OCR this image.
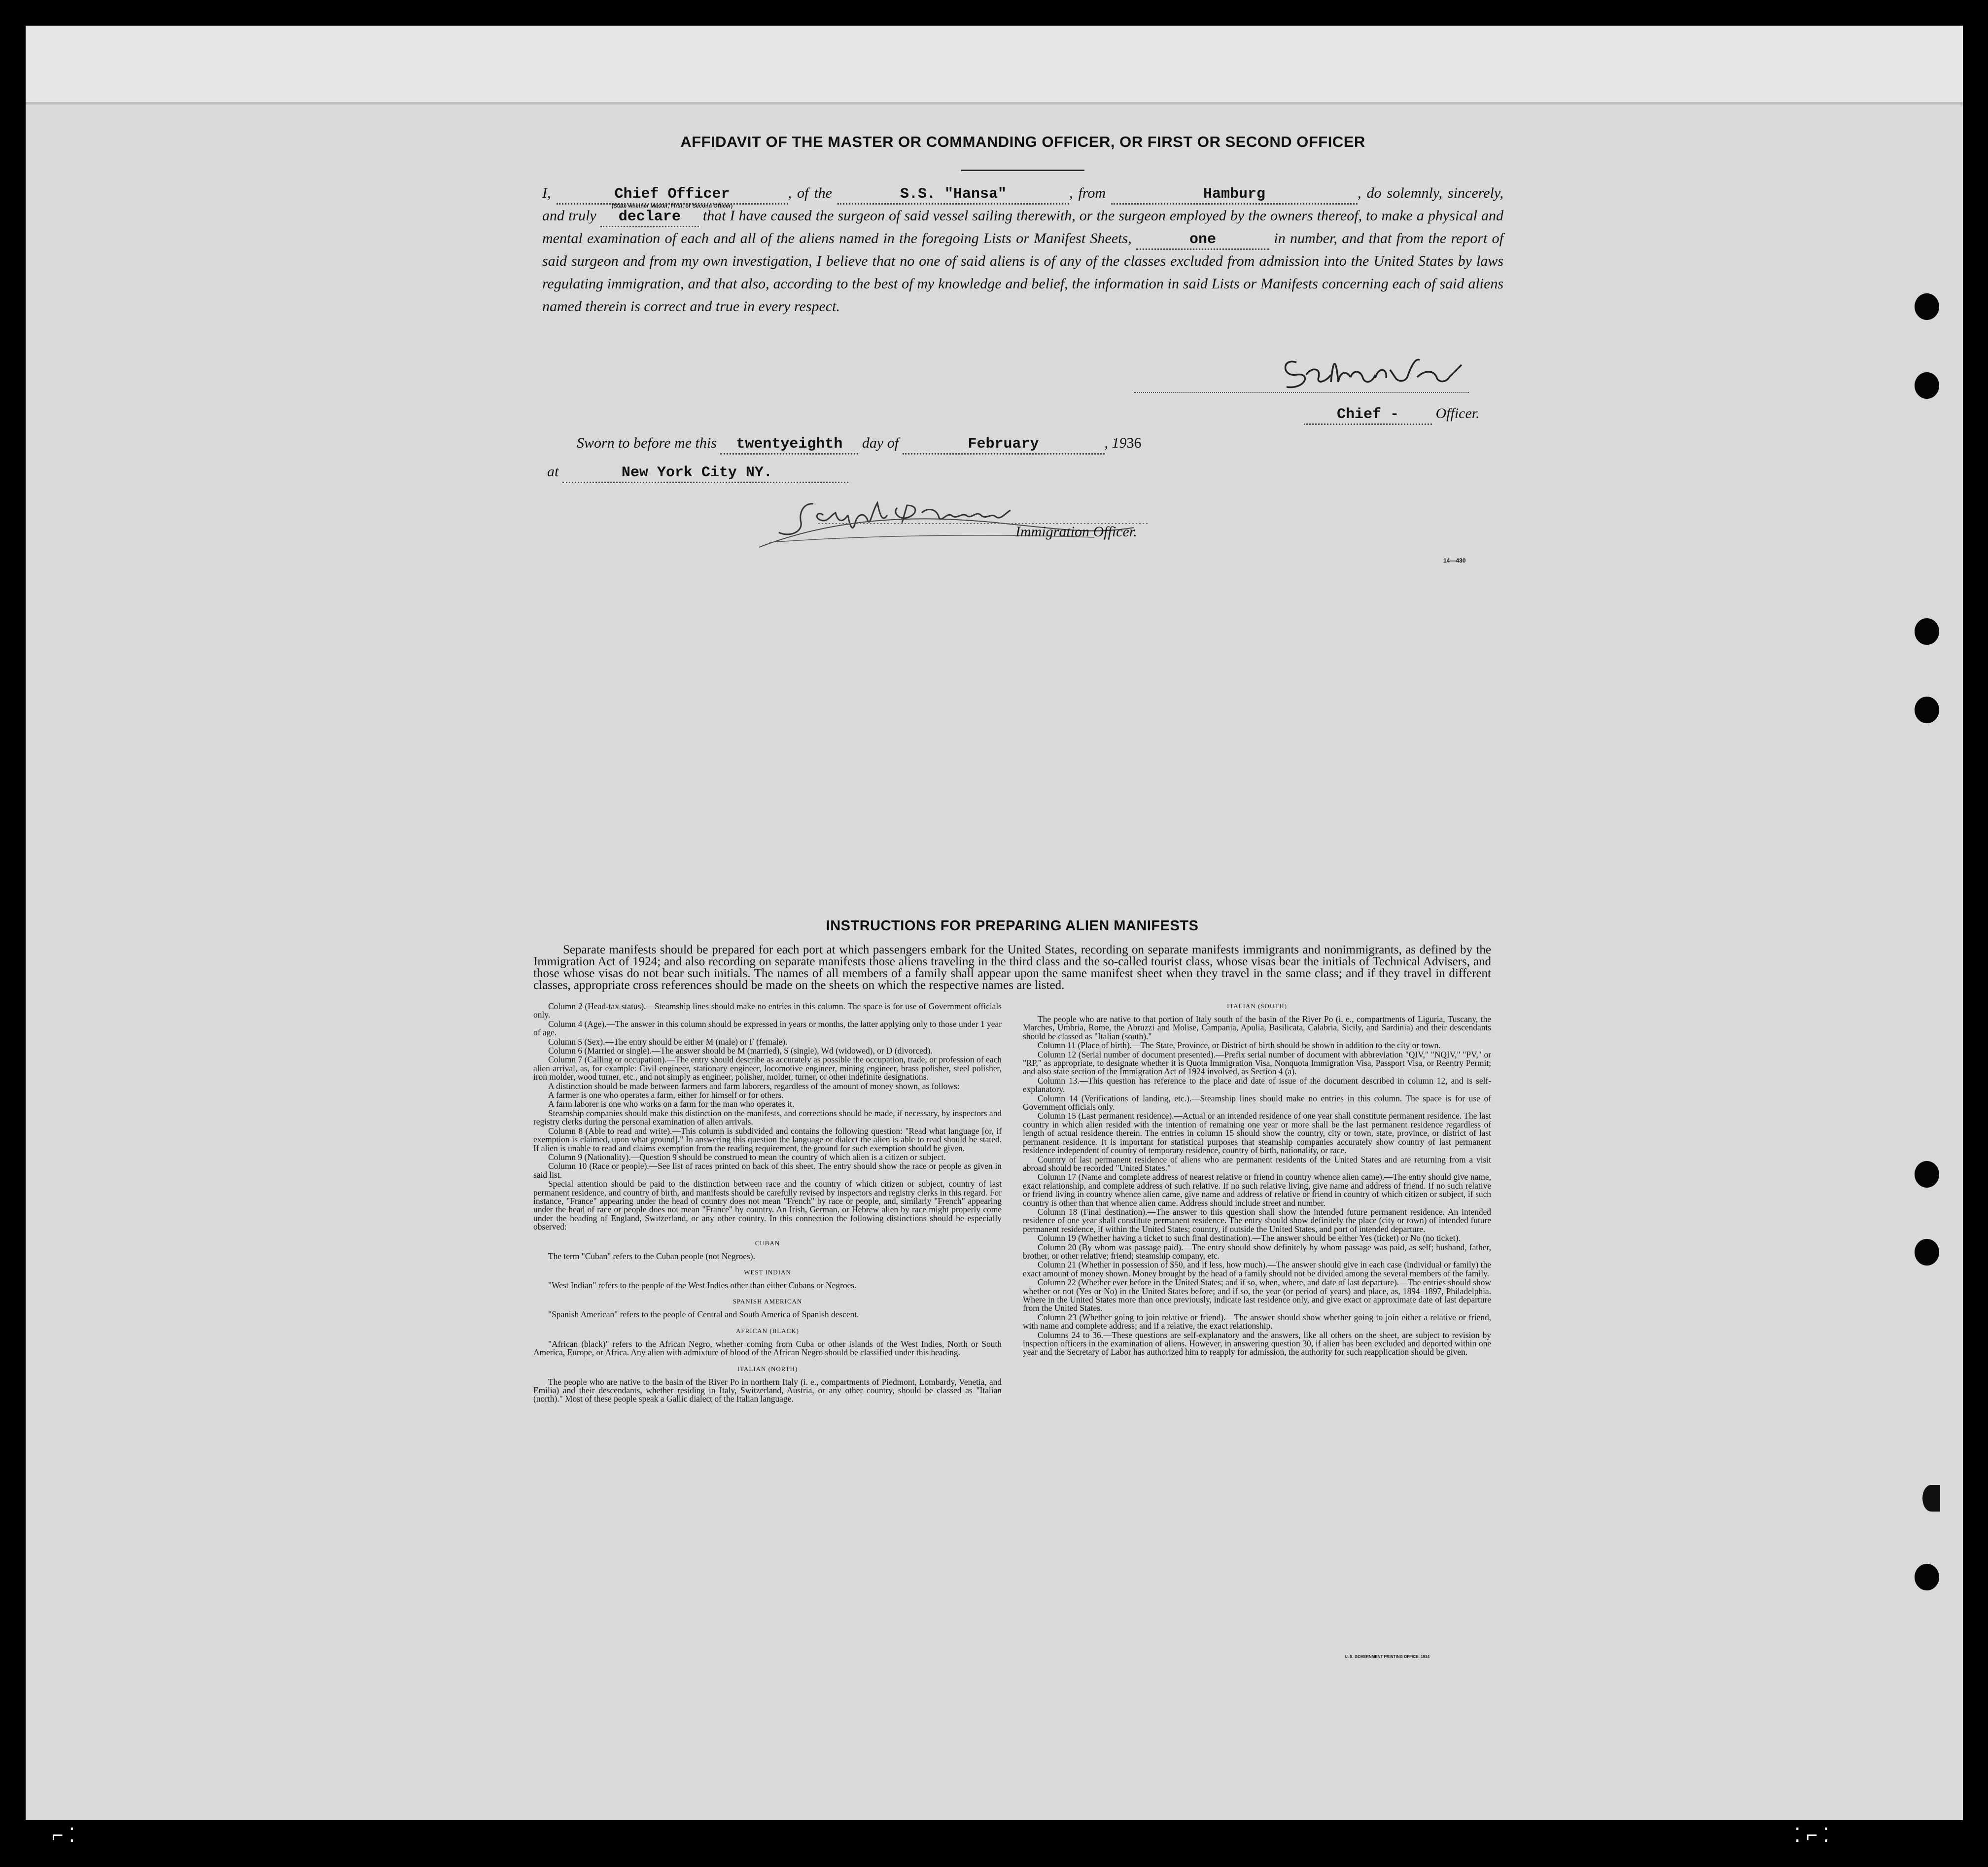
AFFIDAVIT OF THE MASTER OR COMMANDING OFFICER, OR FIRST OR SECOND OFFICER
I,	Chief Officer
(State whether Master, First, or Second Officer)
, of the	S.S. "Hansa"	, from	Hamburg	, do solemnly, sincerely, and truly declare that I have caused the surgeon of said vessel sailing therewith, or the surgeon employed by the owners thereof, to make a physical and mental examination of each and all of the aliens named in the foregoing Lists or Manifest Sheets,	one	in number, and that from the report of said surgeon and from my own investigation, I believe that no one of said aliens is of any of the classes excluded from admission into the United States by laws regulating immigration, and that also, according to the best of my knowledge and belief, the information in said Lists or Manifests concerning each of said aliens named therein is correct and true in every respect.
Chief - Officer.
Sworn to before me this twentyeighth day of	February	, 1936
at	New York City NY.
Immigration Officer.
14—430
INSTRUCTIONS FOR PREPARING ALIEN MANIFESTS

Separate manifests should be prepared for each port at which passengers embark for the United States, recording on separate manifests immigrants and nonimmigrants, as defined by the Immigration Act of 1924; and also recording on separate manifests those aliens traveling in the third class and the so-called tourist class, whose visas bear the initials of Technical Advisers, and those whose visas do not bear such initials. The names of all members of a family shall appear upon the same manifest sheet when they travel in the same class; and if they travel in different classes, appropriate cross references should be made on the sheets on which the respective names are listed.

Column 2 (Head-tax status).—Steamship lines should make no entries in this column. The space is for use of Government officials only.

Column 4 (Age).—The answer in this column should be expressed in years or months, the latter applying only to those under 1 year of age.

Column 5 (Sex).—The entry should be either M (male) or F (female).

Column 6 (Married or single).—The answer should be M (married), S (single), Wd (widowed), or D (divorced).

Column 7 (Calling or occupation).—The entry should describe as accurately as possible the occupation, trade, or profession of each alien arrival, as, for example: Civil engineer, stationary engineer, locomotive engineer, mining engineer, brass polisher, steel polisher, iron molder, wood turner, etc., and not simply as engineer, polisher, molder, turner, or other indefinite designations.

A distinction should be made between farmers and farm laborers, regardless of the amount of money shown, as follows:

A farmer is one who operates a farm, either for himself or for others.

A farm laborer is one who works on a farm for the man who operates it.

Steamship companies should make this distinction on the manifests, and corrections should be made, if necessary, by inspectors and registry clerks during the personal examination of alien arrivals.

Column 8 (Able to read and write).—This column is subdivided and contains the following question: "Read what language [or, if exemption is claimed, upon what ground]." In answering this question the language or dialect the alien is able to read should be stated. If alien is unable to read and claims exemption from the reading requirement, the ground for such exemption should be given.

Column 9 (Nationality).—Question 9 should be construed to mean the country of which alien is a citizen or subject.

Column 10 (Race or people).—See list of races printed on back of this sheet. The entry should show the race or people as given in said list.

Special attention should be paid to the distinction between race and the country of which citizen or subject, country of last permanent residence, and country of birth, and manifests should be carefully revised by inspectors and registry clerks in this regard. For instance, "France" appearing under the head of country does not mean "French" by race or people, and, similarly "French" appearing under the head of race or people does not mean "France" by country. An Irish, German, or Hebrew alien by race might properly come under the heading of England, Switzerland, or any other country. In this connection the following distinctions should be especially observed:

CUBAN

The term "Cuban" refers to the Cuban people (not Negroes).

WEST INDIAN

"West Indian" refers to the people of the West Indies other than either Cubans or Negroes.

SPANISH AMERICAN

"Spanish American" refers to the people of Central and South America of Spanish descent.

AFRICAN (BLACK)

"African (black)" refers to the African Negro, whether coming from Cuba or other islands of the West Indies, North or South America, Europe, or Africa. Any alien with admixture of blood of the African Negro should be classified under this heading.

ITALIAN (NORTH)

The people who are native to the basin of the River Po in northern Italy (i. e., compartments of Piedmont, Lombardy, Venetia, and Emilia) and their descendants, whether residing in Italy, Switzerland, Austria, or any other country, should be classed as "Italian (north)." Most of these people speak a Gallic dialect of the Italian language.

ITALIAN (SOUTH)

The people who are native to that portion of Italy south of the basin of the River Po (i. e., compartments of Liguria, Tuscany, the Marches, Umbria, Rome, the Abruzzi and Molise, Campania, Apulia, Basilicata, Calabria, Sicily, and Sardinia) and their descendants should be classed as "Italian (south)."

Column 11 (Place of birth).—The State, Province, or District of birth should be shown in addition to the city or town.

Column 12 (Serial number of document presented).—Prefix serial number of document with abbreviation "QIV," "NQIV," "PV," or "RP," as appropriate, to designate whether it is Quota Immigration Visa, Nonquota Immigration Visa, Passport Visa, or Reentry Permit; and also state section of the Immigration Act of 1924 involved, as Section 4 (a).

Column 13.—This question has reference to the place and date of issue of the document described in column 12, and is self-explanatory.

Column 14 (Verifications of landing, etc.).—Steamship lines should make no entries in this column. The space is for use of Government officials only.

Column 15 (Last permanent residence).—Actual or an intended residence of one year shall constitute permanent residence. The last country in which alien resided with the intention of remaining one year or more shall be the last permanent residence regardless of length of actual residence therein. The entries in column 15 should show the country, city or town, state, province, or district of last permanent residence. It is important for statistical purposes that steamship companies accurately show country of last permanent residence independent of country of temporary residence, country of birth, nationality, or race.

Country of last permanent residence of aliens who are permanent residents of the United States and are returning from a visit abroad should be recorded "United States."

Column 17 (Name and complete address of nearest relative or friend in country whence alien came).—The entry should give name, exact relationship, and complete address of such relative. If no such relative living, give name and address of friend. If no such relative or friend living in country whence alien came, give name and address of relative or friend in country of which citizen or subject, if such country is other than that whence alien came. Address should include street and number.

Column 18 (Final destination).—The answer to this question shall show the intended future permanent residence. An intended residence of one year shall constitute permanent residence. The entry should show definitely the place (city or town) of intended future permanent residence, if within the United States; country, if outside the United States, and port of intended departure.

Column 19 (Whether having a ticket to such final destination).—The answer should be either Yes (ticket) or No (no ticket).

Column 20 (By whom was passage paid).—The entry should show definitely by whom passage was paid, as self; husband, father, brother, or other relative; friend; steamship company, etc.

Column 21 (Whether in possession of $50, and if less, how much).—The answer should give in each case (individual or family) the exact amount of money shown. Money brought by the head of a family should not be divided among the several members of the family.

Column 22 (Whether ever before in the United States; and if so, when, where, and date of last departure).—The entries should show whether or not (Yes or No) in the United States before; and if so, the year (or period of years) and place, as, 1894–1897, Philadelphia. Where in the United States more than once previously, indicate last residence only, and give exact or approximate date of last departure from the United States.

Column 23 (Whether going to join relative or friend).—The answer should show whether going to join either a relative or friend, with name and complete address; and if a relative, the exact relationship.

Columns 24 to 36.—These questions are self-explanatory and the answers, like all others on the sheet, are subject to revision by inspection officers in the examination of aliens. However, in answering question 30, if alien has been excluded and deported within one year and the Secretary of Labor has authorized him to reapply for admission, the authority for such reapplication should be given.

U. S. GOVERNMENT PRINTING OFFICE: 1934
⌐ ⁚	⁚ ⌐ ⁚
